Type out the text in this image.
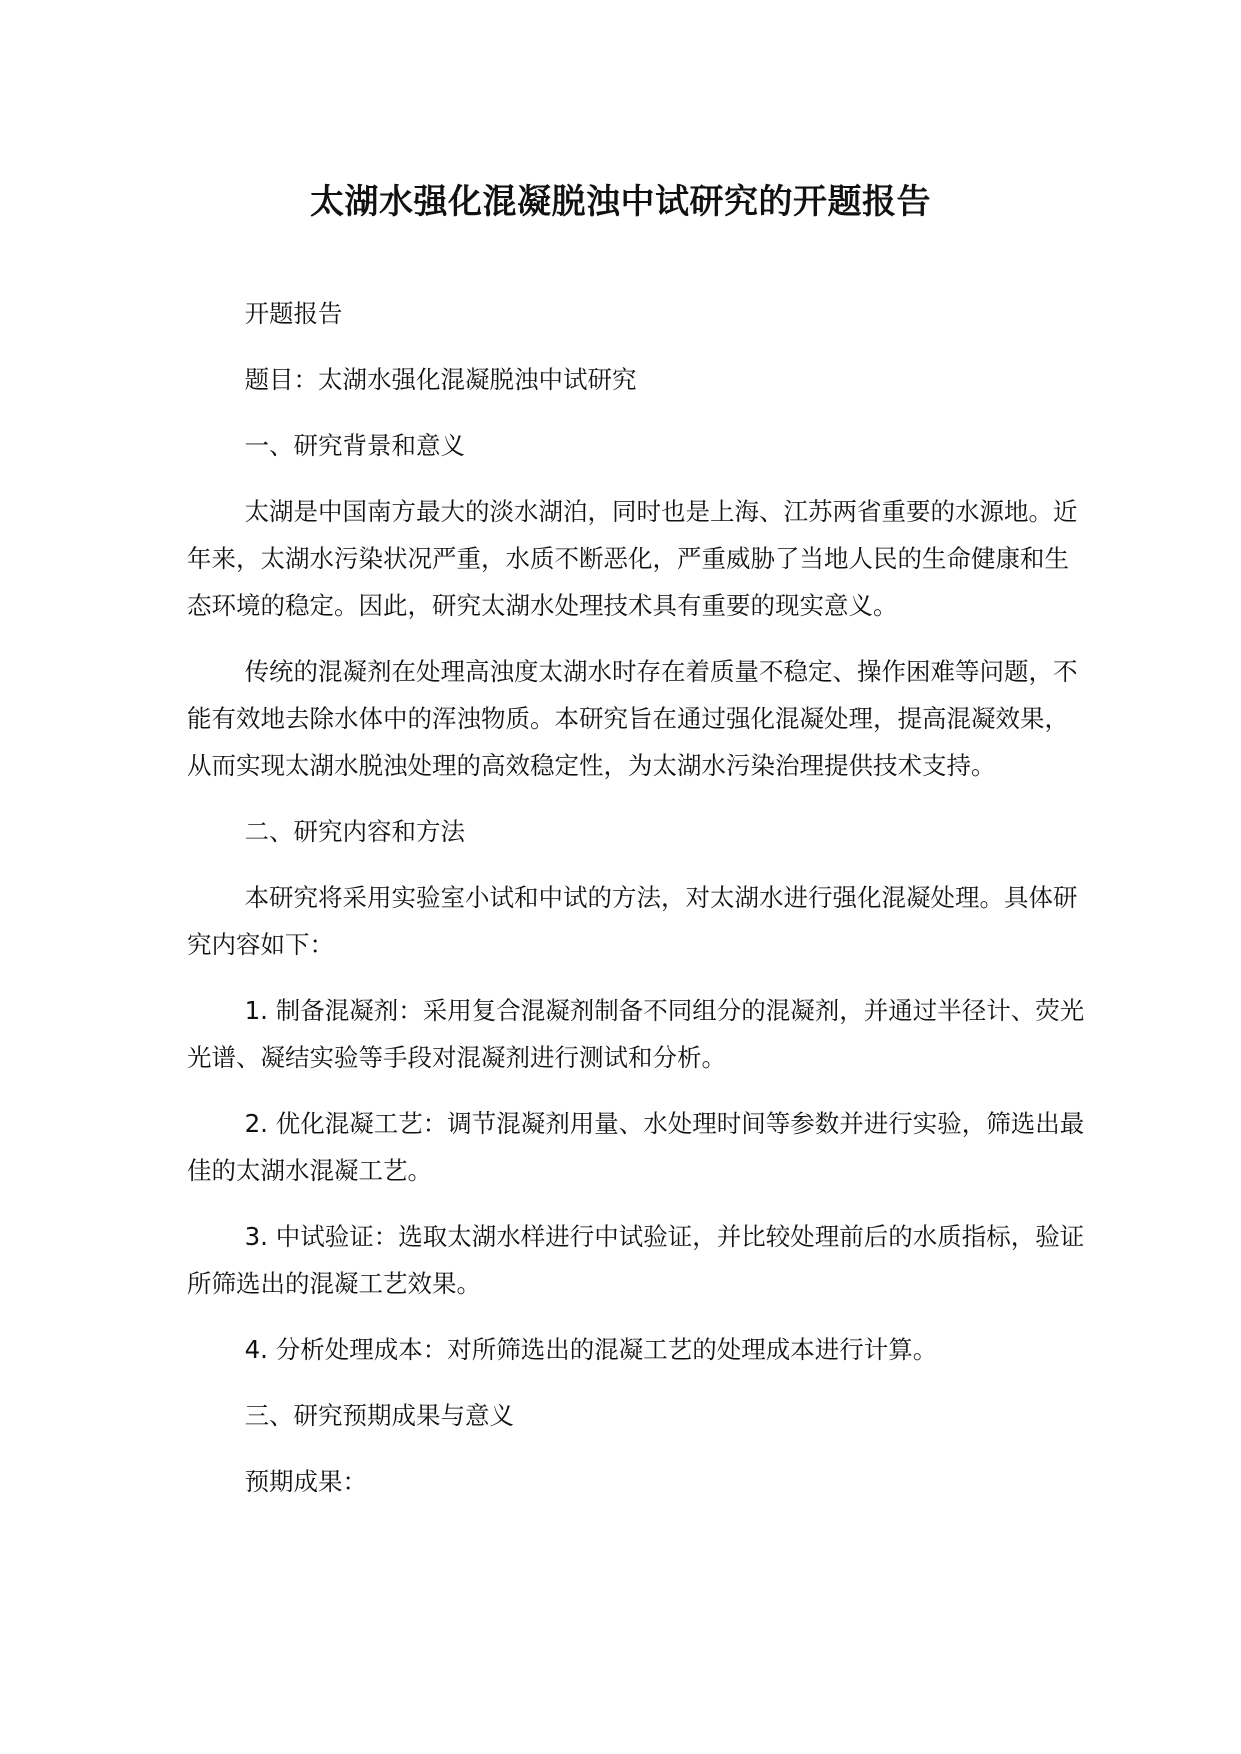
太湖水强化混凝脱浊中试研究的开题报告

开题报告

题目：太湖水强化混凝脱浊中试研究

一、研究背景和意义

太湖是中国南方最大的淡水湖泊，同时也是上海、江苏两省重要的水源地。近年来，太湖水污染状况严重，水质不断恶化，严重威胁了当地人民的生命健康和生态环境的稳定。因此，研究太湖水处理技术具有重要的现实意义。

传统的混凝剂在处理高浊度太湖水时存在着质量不稳定、操作困难等问题，不能有效地去除水体中的浑浊物质。本研究旨在通过强化混凝处理，提高混凝效果，从而实现太湖水脱浊处理的高效稳定性，为太湖水污染治理提供技术支持。

二、研究内容和方法

本研究将采用实验室小试和中试的方法，对太湖水进行强化混凝处理。具体研究内容如下：

1. 制备混凝剂：采用复合混凝剂制备不同组分的混凝剂，并通过半径计、荧光光谱、凝结实验等手段对混凝剂进行测试和分析。

2. 优化混凝工艺：调节混凝剂用量、水处理时间等参数并进行实验，筛选出最佳的太湖水混凝工艺。

3. 中试验证：选取太湖水样进行中试验证，并比较处理前后的水质指标，验证所筛选出的混凝工艺效果。

4. 分析处理成本：对所筛选出的混凝工艺的处理成本进行计算。

三、研究预期成果与意义

预期成果：
